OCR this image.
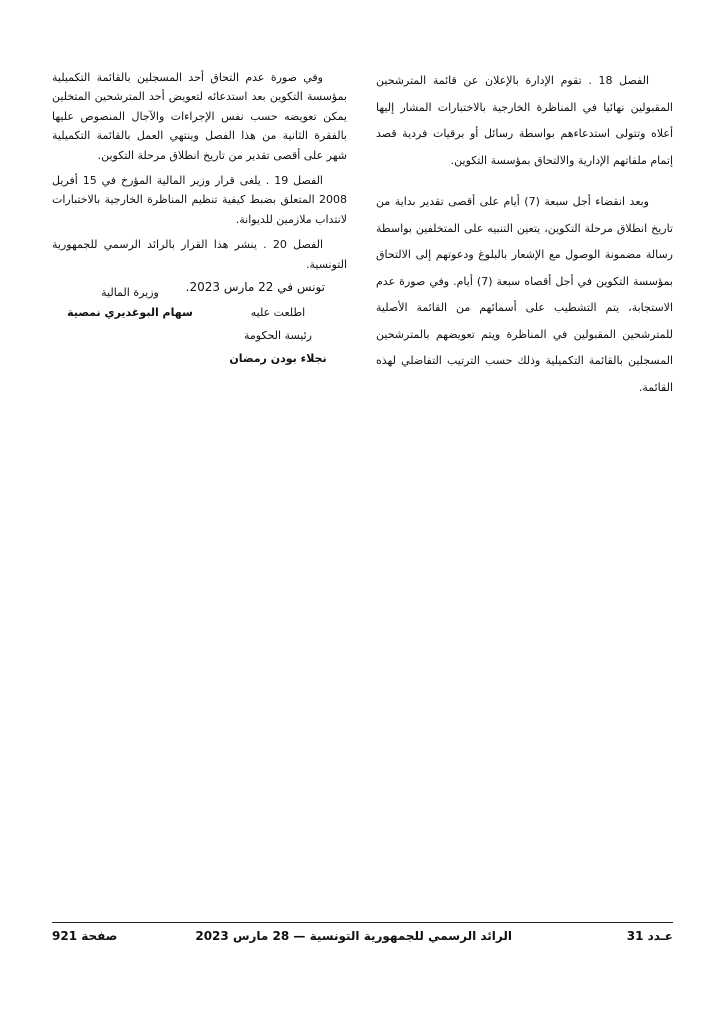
الفصل 18 . تقوم الإدارة بالإعلان عن قائمة المترشحين المقبولين نهائيا في المناظرة الخارجية بالاختبارات المشار إليها أعلاه وتتولى استدعاءهم بواسطة رسائل أو برقيات فردية قصد إتمام ملفاتهم الإدارية والالتحاق بمؤسسة التكوين.

وبعد انقضاء أجل سبعة (7) أيام على أقصى تقدير بداية من تاريخ انطلاق مرحلة التكوين، يتعين التنبيه على المتخلفين بواسطة رسالة مضمونة الوصول مع الإشعار بالبلوغ ودعوتهم إلى الالتحاق بمؤسسة التكوين في أجل أقصاه سبعة (7) أيام. وفي صورة عدم الاستجابة، يتم التشطيب على أسمائهم من القائمة الأصلية للمترشحين المقبولين في المناظرة ويتم تعويضهم بالمترشحين المسجلين بالقائمة التكميلية وذلك حسب الترتيب التفاضلي لهذه القائمة.

وفي صورة عدم التحاق أحد المسجلين بالقائمة التكميلية بمؤسسة التكوين بعد استدعائه لتعويض أحد المترشحين المتخلين يمكن تعويضه حسب نفس الإجراءات والآجال المنصوص عليها بالفقرة الثانية من هذا الفصل وينتهي العمل بالقائمة التكميلية شهر على أقصى تقدير من تاريخ انطلاق مرحلة التكوين.

الفصل 19 . يلغى قرار وزير المالية المؤرخ في 15 أفريل 2008 المتعلق بضبط كيفية تنظيم المناظرة الخارجية بالاختبارات لانتداب ملازمين للديوانة.

الفصل 20 . ينشر هذا القرار بالرائد الرسمي للجمهورية التونسية.

تونس في 22 مارس 2023.

وزيرة المالية
سهام البوغديري نمصية	اطلعت عليه
رئيسة الحكومة
نجلاء بودن رمضان
صفحة 921	الرائد الرسمي للجمهورية التونسية — 28 مارس 2023	عـدد 31
